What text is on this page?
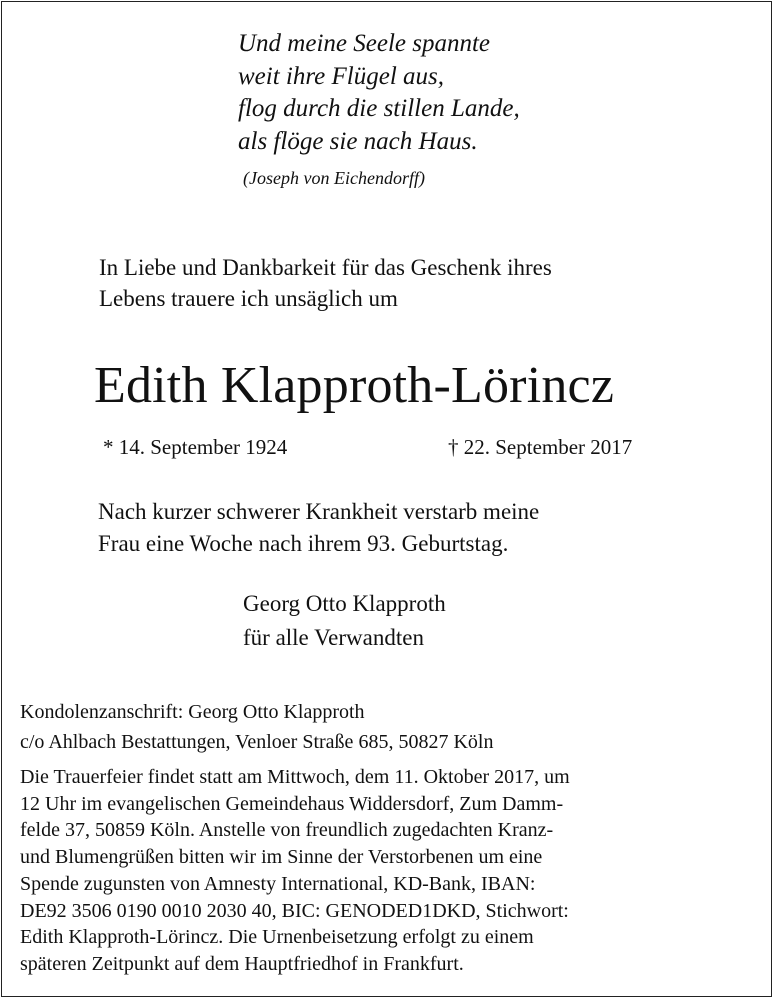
Und meine Seele spannte
weit ihre Flügel aus,
flog durch die stillen Lande,
als flöge sie nach Haus.
(Joseph von Eichendorff)
In Liebe und Dankbarkeit für das Geschenk ihres
Lebens trauere ich unsäglich um
Edith Klapproth-Lörincz
* 14. September 1924	† 22. September 2017
Nach kurzer schwerer Krankheit verstarb meine
Frau eine Woche nach ihrem 93. Geburtstag.
Georg Otto Klapproth
für alle Verwandten
Kondolenzanschrift: Georg Otto Klapproth
c/o Ahlbach Bestattungen, Venloer Straße 685, 50827 Köln
Die Trauerfeier findet statt am Mittwoch, dem 11. Oktober 2017, um
12 Uhr im evangelischen Gemeindehaus Widdersdorf, Zum Damm-
felde 37, 50859 Köln. Anstelle von freundlich zugedachten Kranz-
und Blumengrüßen bitten wir im Sinne der Verstorbenen um eine
Spende zugunsten von Amnesty International, KD-Bank, IBAN:
DE92 3506 0190 0010 2030 40, BIC: GENODED1DKD, Stichwort:
Edith Klapproth-Lörincz. Die Urnenbeisetzung erfolgt zu einem
späteren Zeitpunkt auf dem Hauptfriedhof in Frankfurt.
